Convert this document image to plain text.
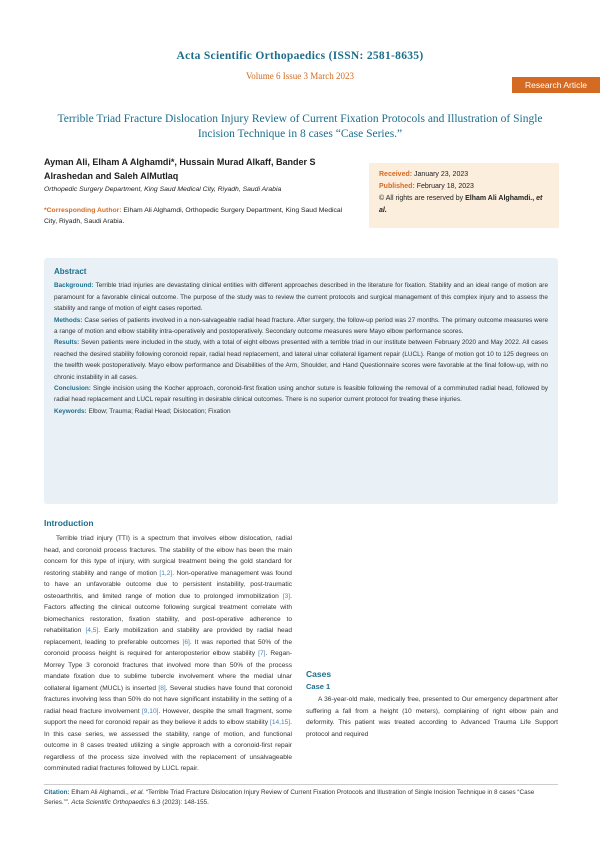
Acta Scientific Orthopaedics (ISSN: 2581-8635)
Volume 6 Issue 3 March 2023
Research Article
Terrible Triad Fracture Dislocation Injury Review of Current Fixation Protocols and Illustration of Single Incision Technique in 8 cases “Case Series.”
Ayman Ali, Elham A Alghamdi*, Hussain Murad Alkaff, Bander S Alrashedan and Saleh AlMutlaq
Orthopedic Surgery Department, King Saud Medical City, Riyadh, Saudi Arabia
*Corresponding Author: Elham Ali Alghamdi, Orthopedic Surgery Department, King Saud Medical City, Riyadh, Saudi Arabia.
Received: January 23, 2023
Published: February 18, 2023
© All rights are reserved by Elham Ali Alghamdi., et al.
Abstract

Background: Terrible triad injuries are devastating clinical entities with different approaches described in the literature for fixation. Stability and an ideal range of motion are paramount for a favorable clinical outcome. The purpose of the study was to review the current protocols and surgical management of this complex injury and to assess the stability and range of motion of eight cases reported.

Methods: Case series of patients involved in a non-salvageable radial head fracture. After surgery, the follow-up period was 27 months. The primary outcome measures were a range of motion and elbow stability intra-operatively and postoperatively. Secondary outcome measures were Mayo elbow performance scores.

Results: Seven patients were included in the study, with a total of eight elbows presented with a terrible triad in our institute between February 2020 and May 2022. All cases reached the desired stability following coronoid repair, radial head replacement, and lateral ulnar collateral ligament repair (LUCL). Range of motion got 10 to 125 degrees on the twelfth week postoperatively. Mayo elbow performance and Disabilities of the Arm, Shoulder, and Hand Questionnaire scores were favorable at the final follow-up, with no chronic instability in all cases.

Conclusion: Single incision using the Kocher approach, coronoid-first fixation using anchor suture is feasible following the removal of a comminuted radial head, followed by radial head replacement and LUCL repair resulting in desirable clinical outcomes. There is no superior current protocol for treating these injuries.

Keywords: Elbow; Trauma; Radial Head; Dislocation; Fixation

Introduction
Terrible triad injury (TTI) is a spectrum that involves elbow dislocation, radial head, and coronoid process fractures. The stability of the elbow has been the main concern for this type of injury, with surgical treatment being the gold standard for restoring stability and range of motion [1,2]. Non-operative management was found to have an unfavorable outcome due to persistent instability, post-traumatic osteoarthritis, and limited range of motion due to prolonged immobilization [3]. Factors affecting the clinical outcome following surgical treatment correlate with biomechanics restoration, fixation stability, and post-operative adherence to rehabilitation [4,5]. Early mobilization and stability are provided by radial head replacement, leading to preferable outcomes [6]. It was reported that 50% of the coronoid process height is required for anteroposterior elbow stability [7]. Regan-Morrey Type 3 coronoid fractures that involved more than 50% of the process mandate fixation due to sublime tubercle involvement where the medial ulnar collateral ligament (MUCL) is inserted [8]. Several studies have found that coronoid fractures involving less than 50% do not have significant instability in the setting of a radial head fracture involvement [9,10]. However, despite the small fragment, some support the need for coronoid repair as they believe it adds to elbow stability [14,15]. In this case series, we assessed the stability, range of motion, and functional outcome in 8 cases treated utilizing a single approach with a coronoid-first repair regardless of the process size involved with the replacement of unsalvageable comminuted radial fractures followed by LUCL repair.
Cases
Case 1
A 36-year-old male, medically free, presented to Our emergency department after suffering a fall from a height (10 meters), complaining of right elbow pain and deformity. This patient was treated according to Advanced Trauma Life Support protocol and required
Citation: Elham Ali Alghamdi., et al. “Terrible Triad Fracture Dislocation Injury Review of Current Fixation Protocols and Illustration of Single Incision Technique in 8 cases “Case Series.””. Acta Scientific Orthopaedics 6.3 (2023): 148-155.
